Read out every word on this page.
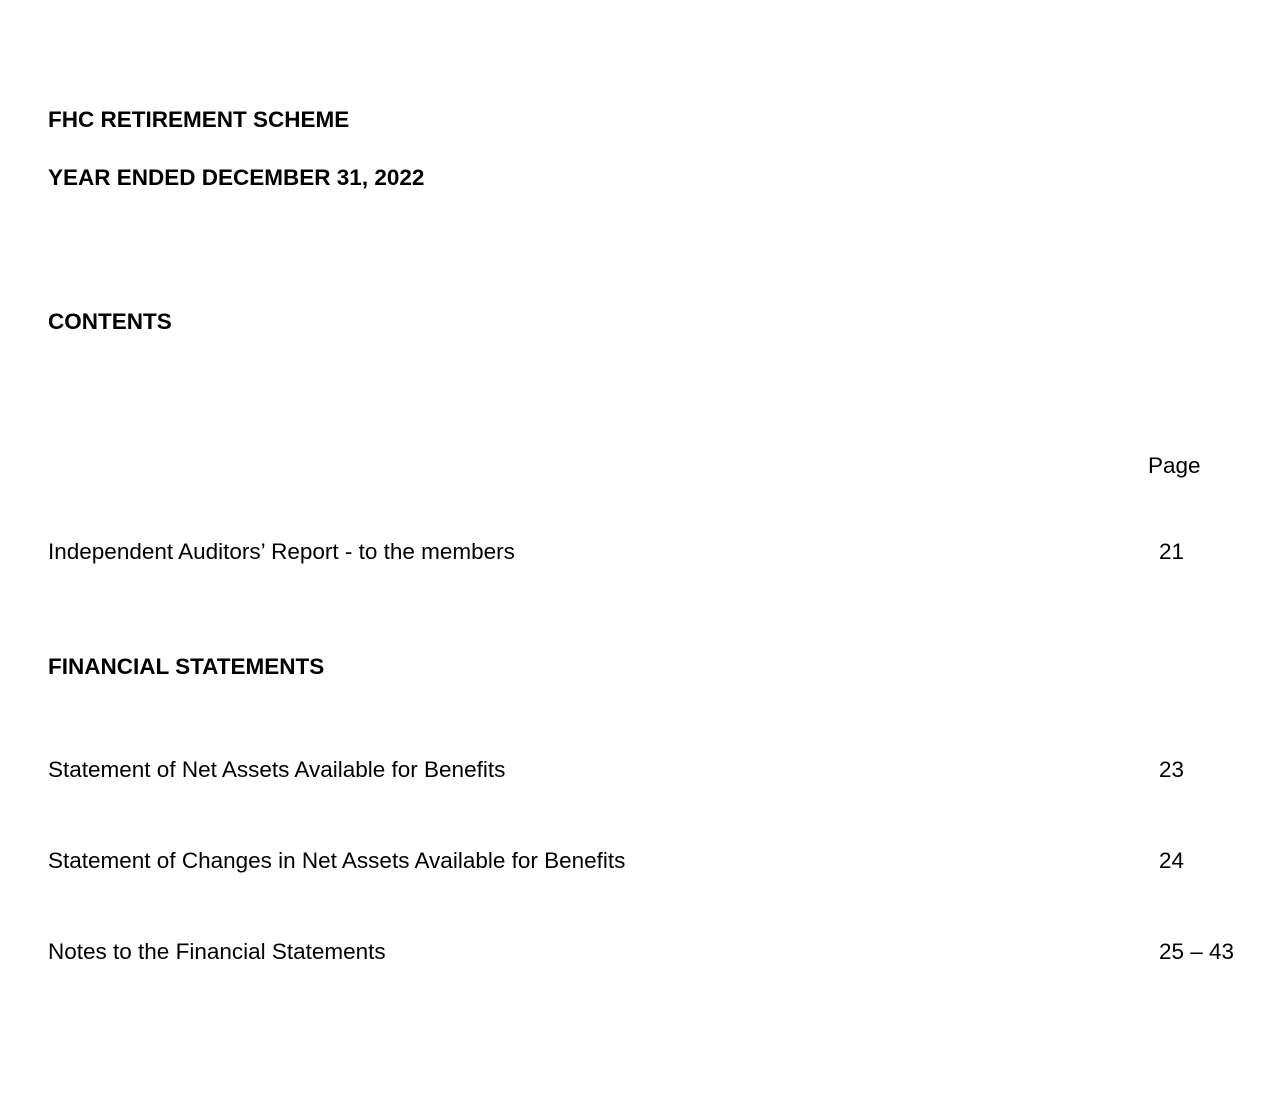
FHC RETIREMENT SCHEME

YEAR ENDED DECEMBER 31, 2022

CONTENTS

Page

Independent Auditors’ Report - to the members	21

FINANCIAL STATEMENTS

Statement of Net Assets Available for Benefits	23

Statement of Changes in Net Assets Available for Benefits	24

Notes to the Financial Statements	25 – 43
